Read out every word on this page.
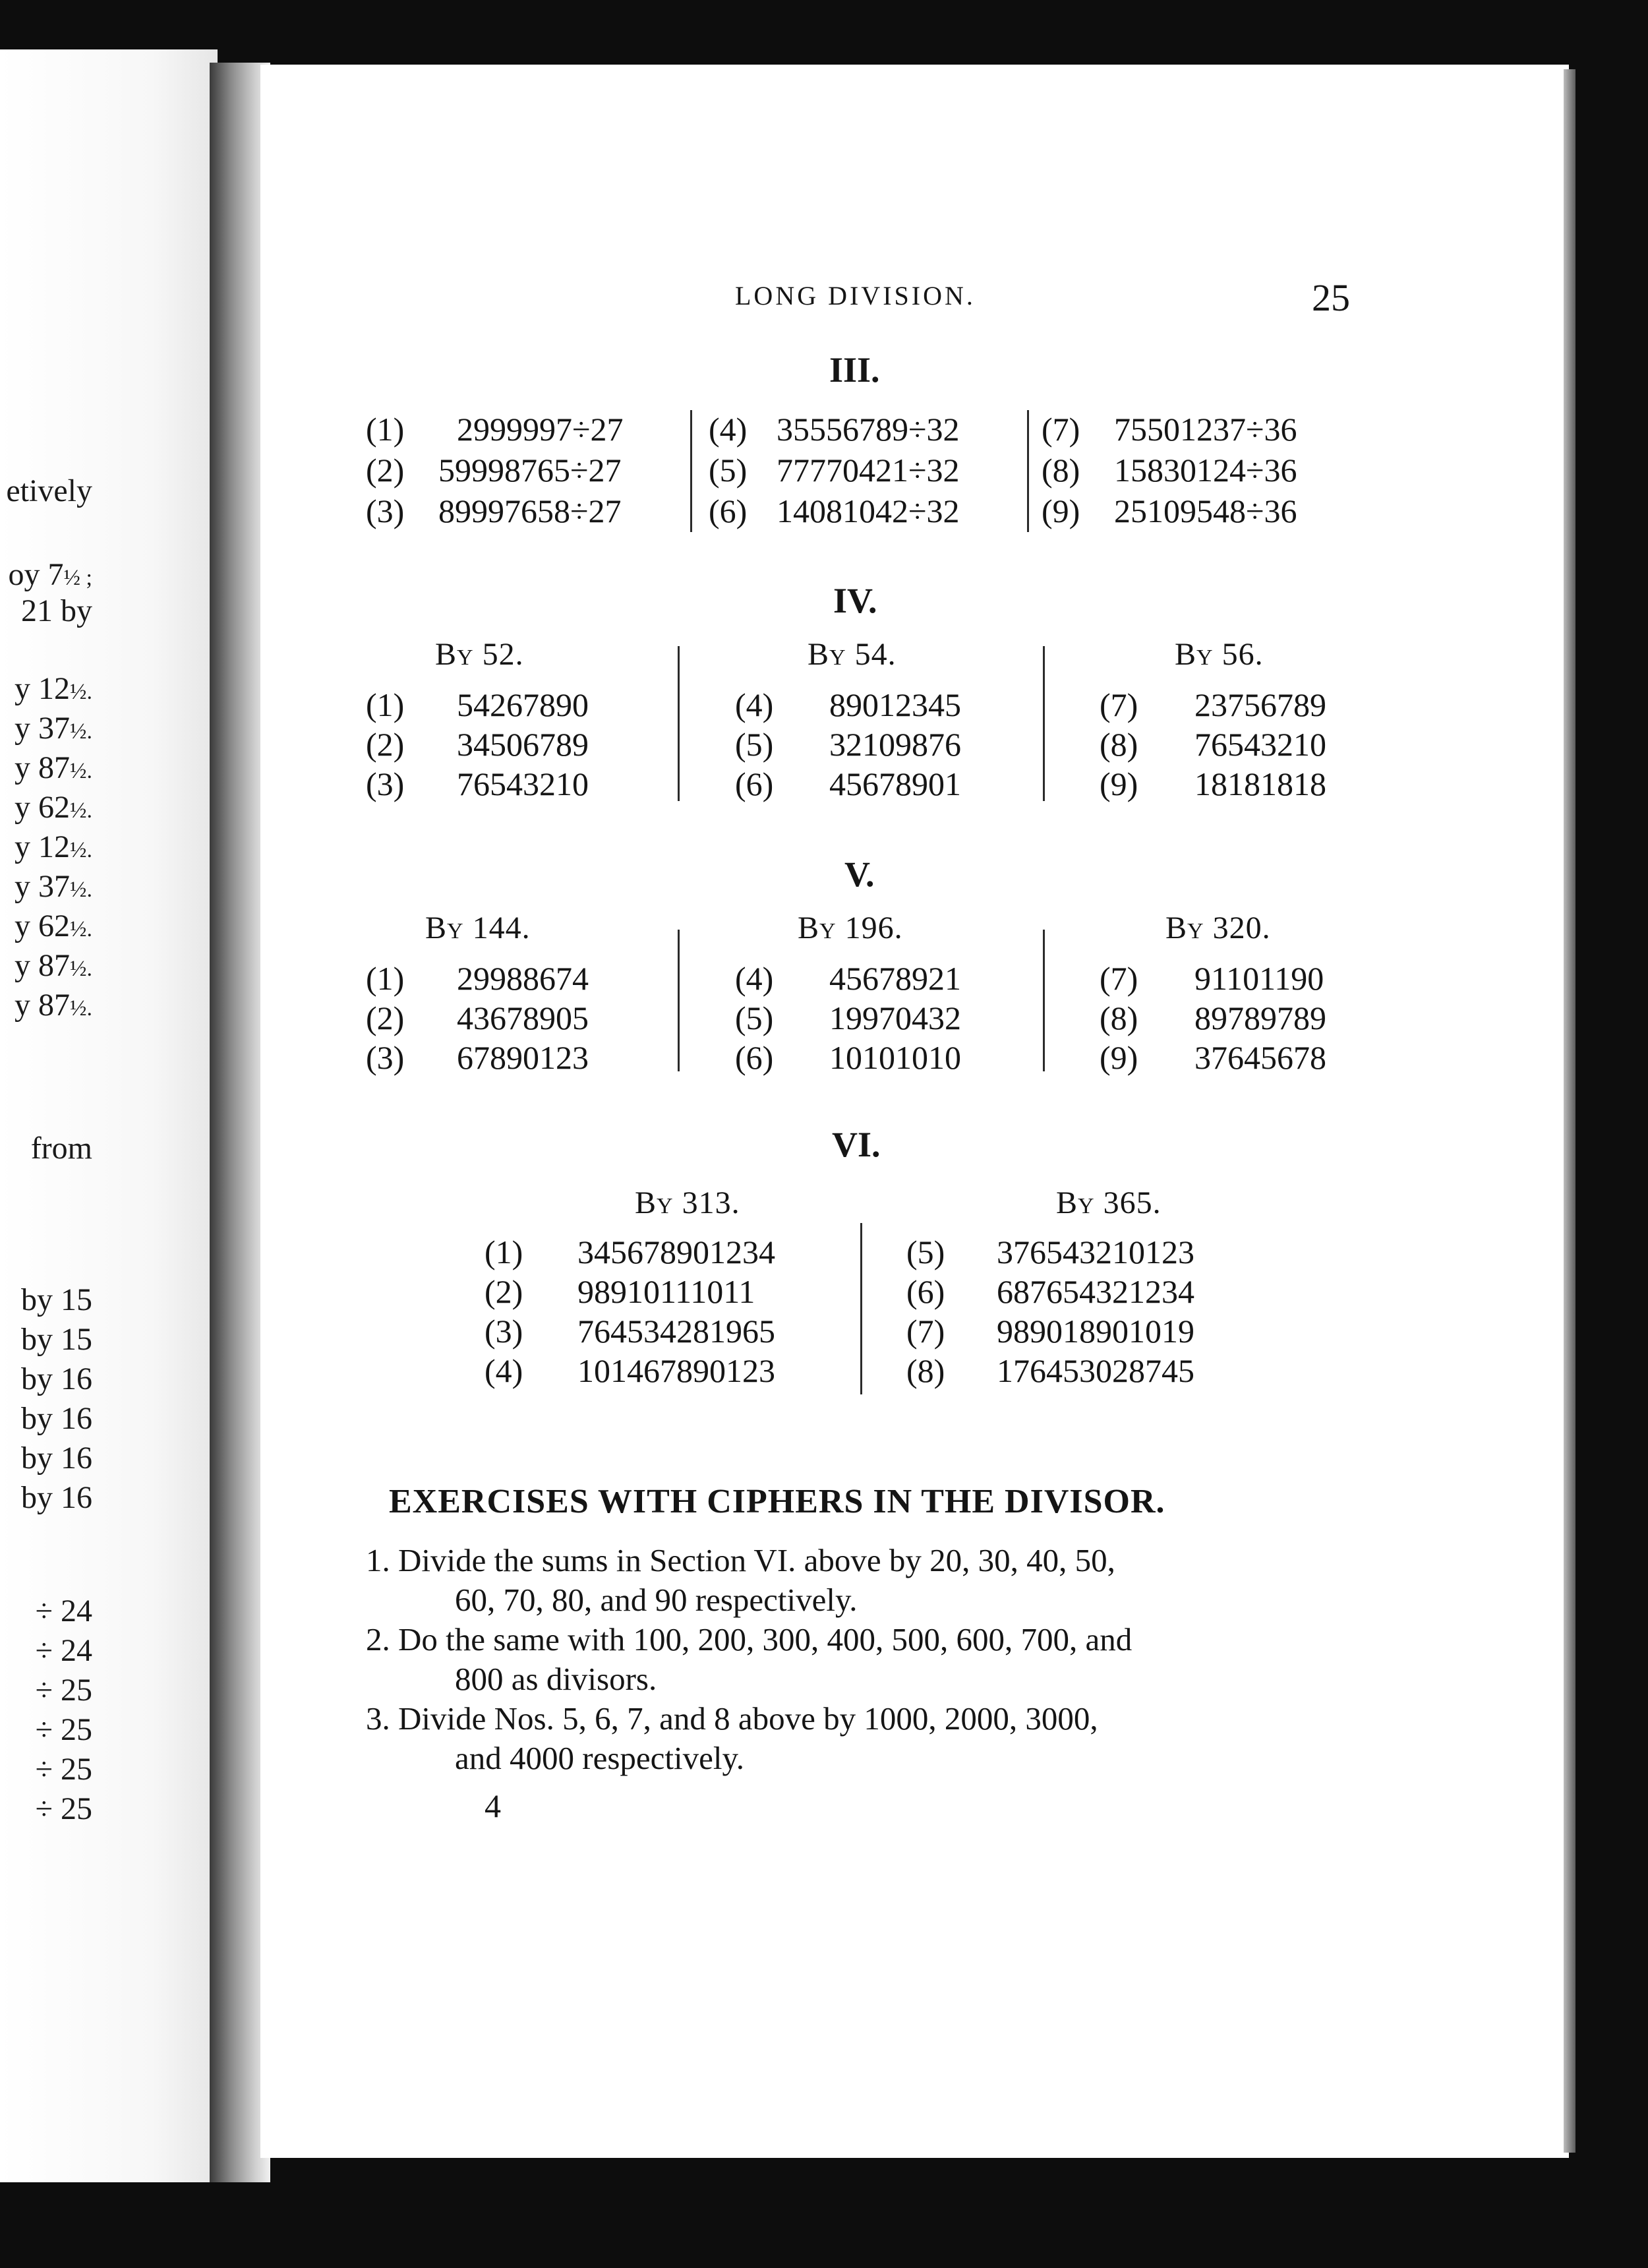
etively
oy 7½ ;
21 by
y 12½.
y 37½.
y 87½.
y 62½.
y 12½.
y 37½.
y 62½.
y 87½.
y 87½.
from
by 15
by 15
by 16
by 16
by 16
by 16
÷ 24
÷ 24
÷ 25
÷ 25
÷ 25
÷ 25
LONG DIVISION.	25
III.
(1) 2999997÷27
(2) 59998765÷27
(3) 89997658÷27
(4) 35556789÷32
(5) 77770421÷32
(6) 14081042÷32
(7) 75501237÷36
(8) 15830124÷36
(9) 25109548÷36
IV.
By 52.	By 54.	By 56.
(1) 54267890
(2) 34506789
(3) 76543210
(4) 89012345
(5) 32109876
(6) 45678901
(7) 23756789
(8) 76543210
(9) 18181818
V.
By 144.	By 196.	By 320.
(1) 29988674
(2) 43678905
(3) 67890123
(4) 45678921
(5) 19970432
(6) 10101010
(7) 91101190
(8) 89789789
(9) 37645678
VI.
By 313.	By 365.
(1) 345678901234
(2) 98910111011
(3) 764534281965
(4) 101467890123
(5) 376543210123
(6) 687654321234
(7) 989018901019
(8) 176453028745
EXERCISES WITH CIPHERS IN THE DIVISOR.
1. Divide the sums in Section VI. above by 20, 30, 40, 50,
60, 70, 80, and 90 respectively.
2. Do the same with 100, 200, 300, 400, 500, 600, 700, and
800 as divisors.
3. Divide Nos. 5, 6, 7, and 8 above by 1000, 2000, 3000,
and 4000 respectively.
4
